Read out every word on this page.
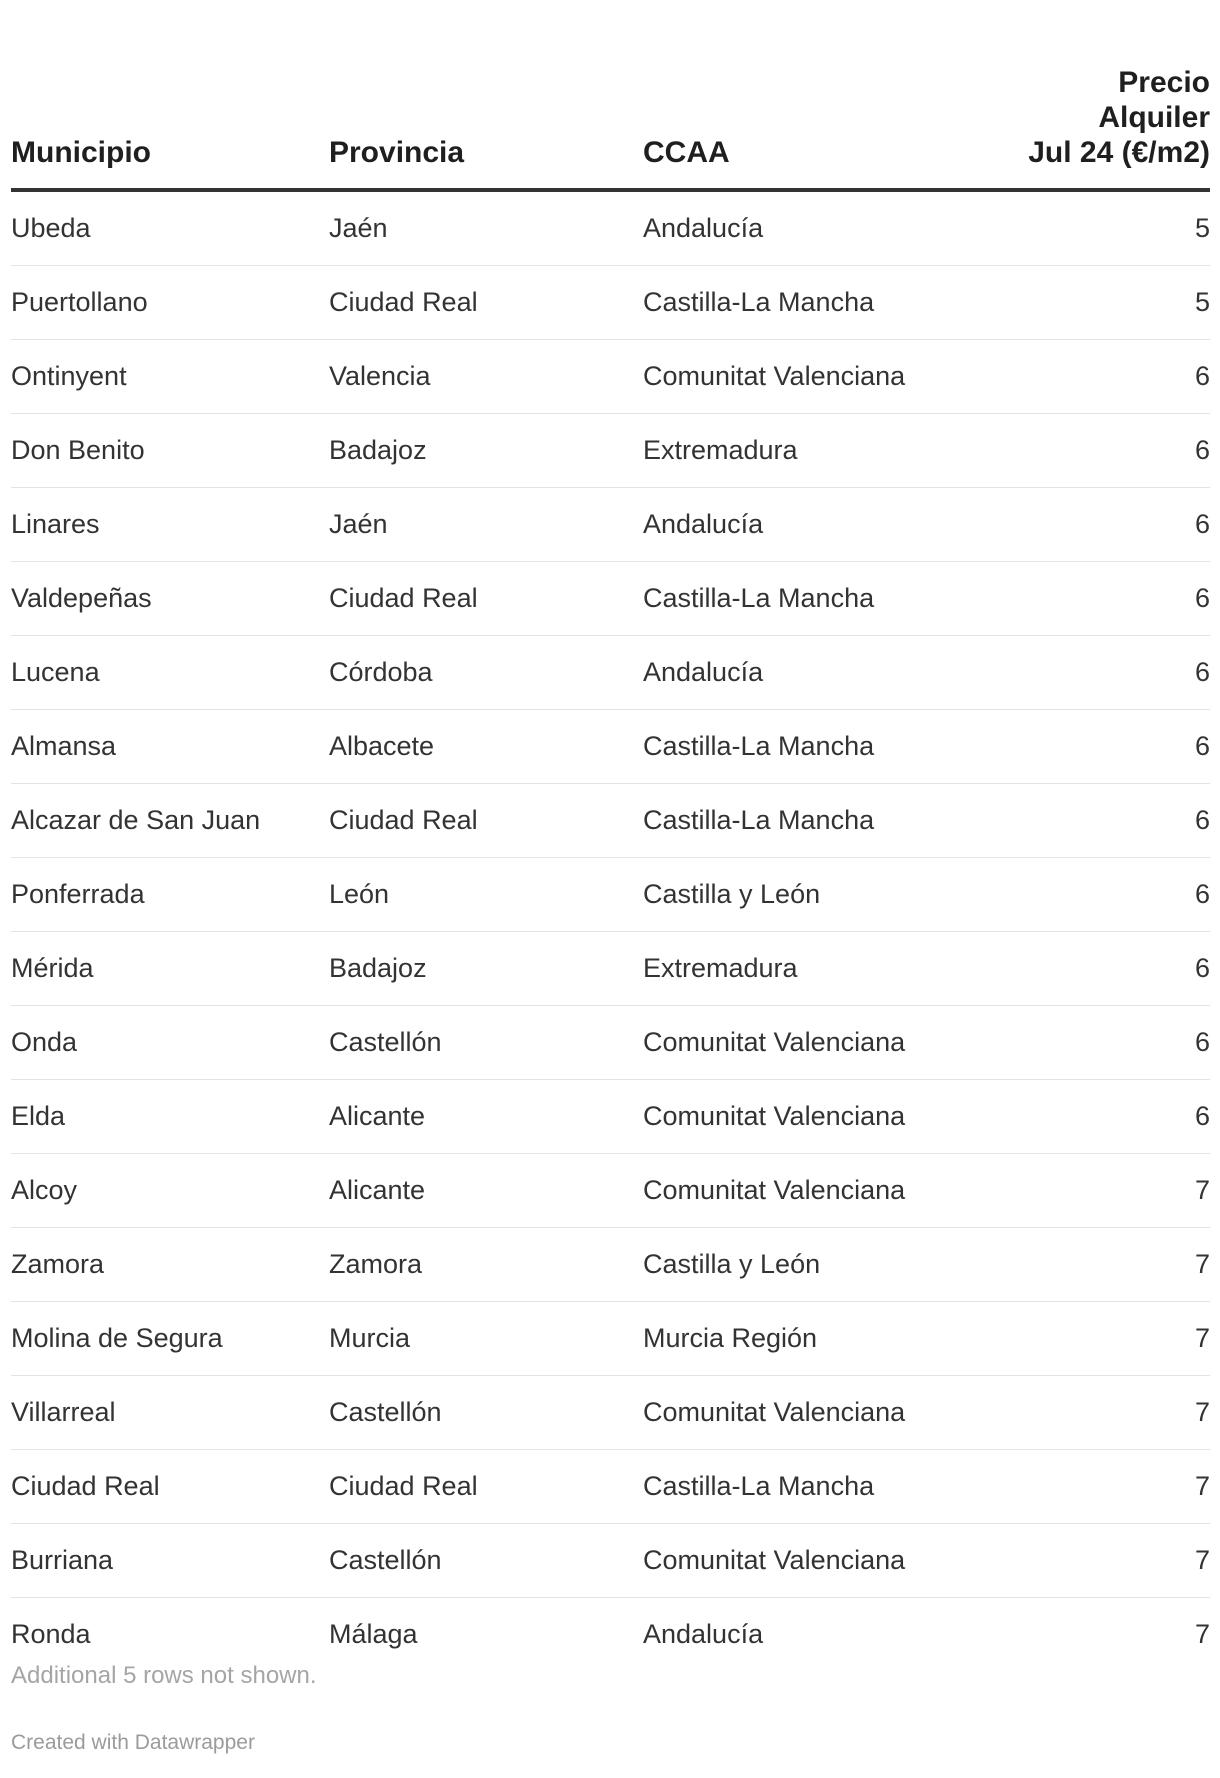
Municipio	Provincia	CCAA	Precio
Alquiler
Jul 24 (€/m2)

Ubeda	Jaén	Andalucía	5
Puertollano	Ciudad Real	Castilla-La Mancha	5
Ontinyent	Valencia	Comunitat Valenciana	6
Don Benito	Badajoz	Extremadura	6
Linares	Jaén	Andalucía	6
Valdepeñas	Ciudad Real	Castilla-La Mancha	6
Lucena	Córdoba	Andalucía	6
Almansa	Albacete	Castilla-La Mancha	6
Alcazar de San Juan	Ciudad Real	Castilla-La Mancha	6
Ponferrada	León	Castilla y León	6
Mérida	Badajoz	Extremadura	6
Onda	Castellón	Comunitat Valenciana	6
Elda	Alicante	Comunitat Valenciana	6
Alcoy	Alicante	Comunitat Valenciana	7
Zamora	Zamora	Castilla y León	7
Molina de Segura	Murcia	Murcia Región	7
Villarreal	Castellón	Comunitat Valenciana	7
Ciudad Real	Ciudad Real	Castilla-La Mancha	7
Burriana	Castellón	Comunitat Valenciana	7
Ronda	Málaga	Andalucía	7
Additional 5 rows not shown.
Created with Datawrapper
